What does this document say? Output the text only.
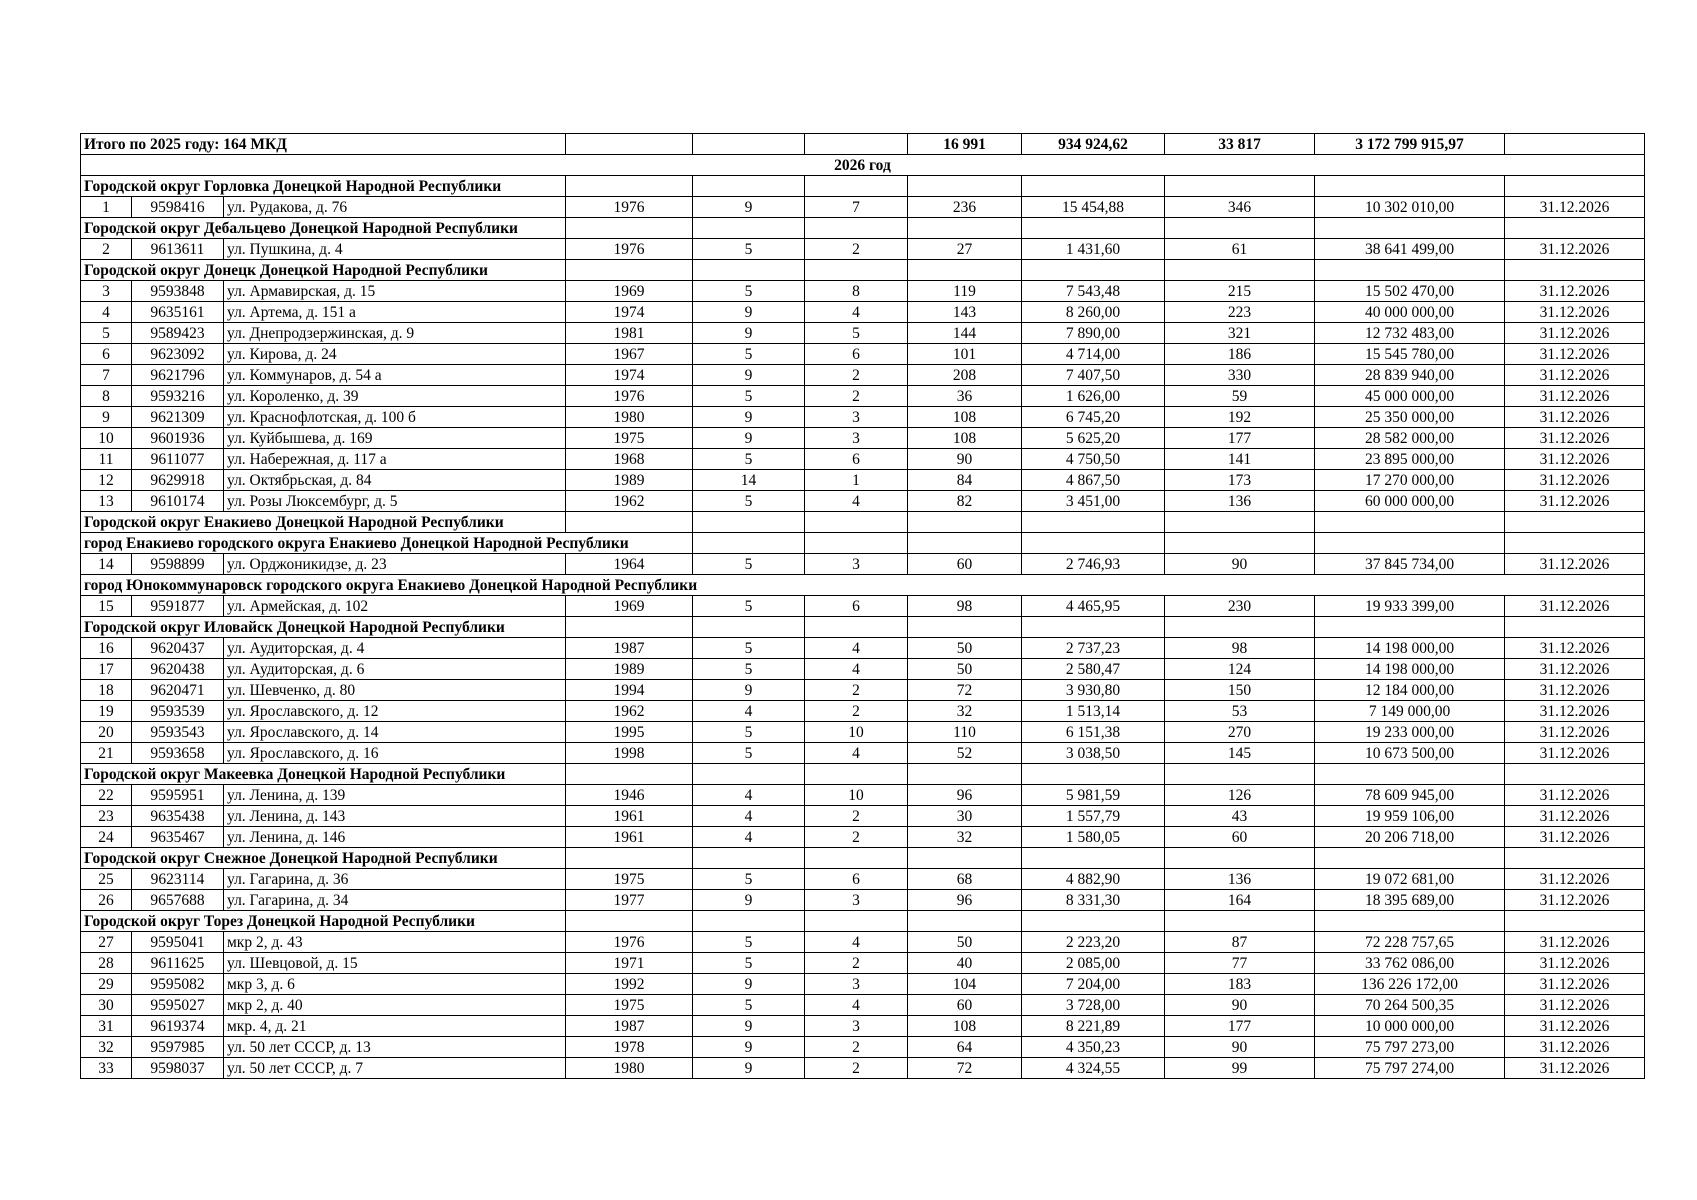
Итого по 2025 году: 164 МКД						16 991	934 924,62	33 817	3 172 799 915,97	
2026 год										
Городской округ Горловка Донецкой Народной Республики										
1	9598416	ул. Рудакова, д. 76	1976	9	7	236	15 454,88	346	10 302 010,00	31.12.2026
Городской округ Дебальцево Донецкой Народной Республики										
2	9613611	ул. Пушкина, д. 4	1976	5	2	27	1 431,60	61	38 641 499,00	31.12.2026
Городской округ Донецк Донецкой Народной Республики										
3	9593848	ул. Армавирская, д. 15	1969	5	8	119	7 543,48	215	15 502 470,00	31.12.2026
4	9635161	ул. Артема, д. 151 а	1974	9	4	143	8 260,00	223	40 000 000,00	31.12.2026
5	9589423	ул. Днепродзержинская, д. 9	1981	9	5	144	7 890,00	321	12 732 483,00	31.12.2026
6	9623092	ул. Кирова, д. 24	1967	5	6	101	4 714,00	186	15 545 780,00	31.12.2026
7	9621796	ул. Коммунаров, д. 54 а	1974	9	2	208	7 407,50	330	28 839 940,00	31.12.2026
8	9593216	ул. Короленко, д. 39	1976	5	2	36	1 626,00	59	45 000 000,00	31.12.2026
9	9621309	ул. Краснофлотская, д. 100 б	1980	9	3	108	6 745,20	192	25 350 000,00	31.12.2026
10	9601936	ул. Куйбышева, д. 169	1975	9	3	108	5 625,20	177	28 582 000,00	31.12.2026
11	9611077	ул. Набережная, д. 117 а	1968	5	6	90	4 750,50	141	23 895 000,00	31.12.2026
12	9629918	ул. Октябрьская, д. 84	1989	14	1	84	4 867,50	173	17 270 000,00	31.12.2026
13	9610174	ул. Розы Люксембург, д. 5	1962	5	4	82	3 451,00	136	60 000 000,00	31.12.2026
Городской округ Енакиево Донецкой Народной Республики										
город Енакиево городского округа Енакиево Донецкой Народной Республики										
14	9598899	ул. Орджоникидзе, д. 23	1964	5	3	60	2 746,93	90	37 845 734,00	31.12.2026
город Юнокоммунаровск городского округа Енакиево Донецкой Народной Республики										
15	9591877	ул. Армейская, д. 102	1969	5	6	98	4 465,95	230	19 933 399,00	31.12.2026
Городской округ Иловайск Донецкой Народной Республики										
16	9620437	ул. Аудиторская, д. 4	1987	5	4	50	2 737,23	98	14 198 000,00	31.12.2026
17	9620438	ул. Аудиторская, д. 6	1989	5	4	50	2 580,47	124	14 198 000,00	31.12.2026
18	9620471	ул. Шевченко, д. 80	1994	9	2	72	3 930,80	150	12 184 000,00	31.12.2026
19	9593539	ул. Ярославского, д. 12	1962	4	2	32	1 513,14	53	7 149 000,00	31.12.2026
20	9593543	ул. Ярославского, д. 14	1995	5	10	110	6 151,38	270	19 233 000,00	31.12.2026
21	9593658	ул. Ярославского, д. 16	1998	5	4	52	3 038,50	145	10 673 500,00	31.12.2026
Городской округ Макеевка Донецкой Народной Республики										
22	9595951	ул. Ленина, д. 139	1946	4	10	96	5 981,59	126	78 609 945,00	31.12.2026
23	9635438	ул. Ленина, д. 143	1961	4	2	30	1 557,79	43	19 959 106,00	31.12.2026
24	9635467	ул. Ленина, д. 146	1961	4	2	32	1 580,05	60	20 206 718,00	31.12.2026
Городской округ Снежное Донецкой Народной Республики										
25	9623114	ул. Гагарина, д. 36	1975	5	6	68	4 882,90	136	19 072 681,00	31.12.2026
26	9657688	ул. Гагарина, д. 34	1977	9	3	96	8 331,30	164	18 395 689,00	31.12.2026
Городской округ Торез Донецкой Народной Республики										
27	9595041	мкр 2, д. 43	1976	5	4	50	2 223,20	87	72 228 757,65	31.12.2026
28	9611625	ул. Шевцовой, д. 15	1971	5	2	40	2 085,00	77	33 762 086,00	31.12.2026
29	9595082	мкр 3, д. 6	1992	9	3	104	7 204,00	183	136 226 172,00	31.12.2026
30	9595027	мкр 2, д. 40	1975	5	4	60	3 728,00	90	70 264 500,35	31.12.2026
31	9619374	мкр. 4, д. 21	1987	9	3	108	8 221,89	177	10 000 000,00	31.12.2026
32	9597985	ул. 50 лет СССР, д. 13	1978	9	2	64	4 350,23	90	75 797 273,00	31.12.2026
33	9598037	ул. 50 лет СССР, д. 7	1980	9	2	72	4 324,55	99	75 797 274,00	31.12.2026
